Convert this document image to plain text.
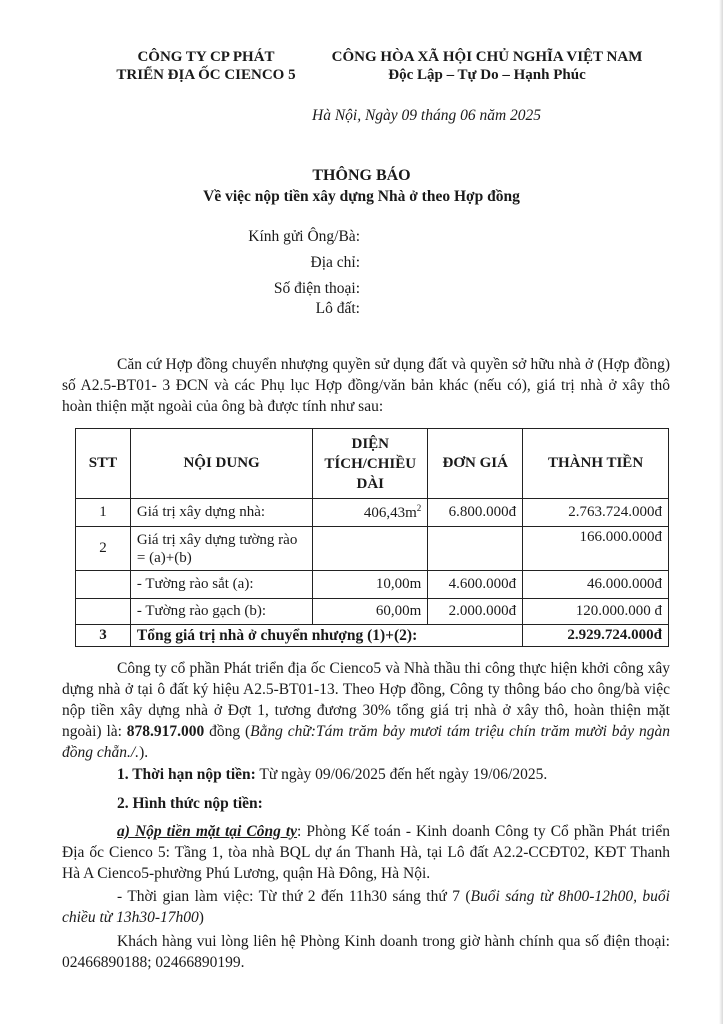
CÔNG TY CP PHÁT
TRIỂN ĐỊA ỐC CIENCO 5
CÔNG HÒA XÃ HỘI CHỦ NGHĨA VIỆT NAM
Độc Lập – Tự Do – Hạnh Phúc
Hà Nội, Ngày 09 tháng 06 năm 2025
THÔNG BÁO
Về việc nộp tiền xây dựng Nhà ở theo Hợp đồng
Kính gửi Ông/Bà:
Địa chỉ:
Số điện thoại:
Lô đất:
Căn cứ Hợp đồng chuyển nhượng quyền sử dụng đất và quyền sở hữu nhà ở (Hợp đồng) số A2.5-BT01- 3 ĐCN và các Phụ lục Hợp đồng/văn bản khác (nếu có), giá trị nhà ở xây thô hoàn thiện mặt ngoài của ông bà được tính như sau:
STT	NỘI DUNG	DIỆN TÍCH/CHIỀU DÀI	ĐƠN GIÁ	THÀNH TIỀN
1	Giá trị xây dựng nhà:	$406,43m^2$	6.800.000đ	2.763.724.000đ
2	Giá trị xây dựng tường rào = (a)+(b)			166.000.000đ
	- Tường rào sắt (a):	10,00m	4.600.000đ	46.000.000đ
	- Tường rào gạch (b):	60,00m	2.000.000đ	120.000.000 đ
3	Tổng giá trị nhà ở chuyển nhượng (1)+(2):			2.929.724.000đ
Công ty cổ phần Phát triển địa ốc Cienco5 và Nhà thầu thi công thực hiện khởi công xây dựng nhà ở tại ô đất ký hiệu A2.5-BT01-13. Theo Hợp đồng, Công ty thông báo cho ông/bà việc nộp tiền xây dựng nhà ở Đợt 1, tương đương 30% tổng giá trị nhà ở xây thô, hoàn thiện mặt ngoài) là: 878.917.000 đồng (Bằng chữ:Tám trăm bảy mươi tám triệu chín trăm mười bảy ngàn đồng chẵn./.).
1. Thời hạn nộp tiền: Từ ngày 09/06/2025 đến hết ngày 19/06/2025.
2. Hình thức nộp tiền:
a) Nộp tiền mặt tại Công ty: Phòng Kế toán - Kinh doanh Công ty Cổ phần Phát triển Địa ốc Cienco 5: Tầng 1, tòa nhà BQL dự án Thanh Hà, tại Lô đất A2.2-CCĐT02, KĐT Thanh Hà A Cienco5-phường Phú Lương, quận Hà Đông, Hà Nội.
- Thời gian làm việc: Từ thứ 2 đến 11h30 sáng thứ 7 (Buổi sáng từ 8h00-12h00, buổi chiều từ 13h30-17h00)
Khách hàng vui lòng liên hệ Phòng Kinh doanh trong giờ hành chính qua số điện thoại: 02466890188; 02466890199.
